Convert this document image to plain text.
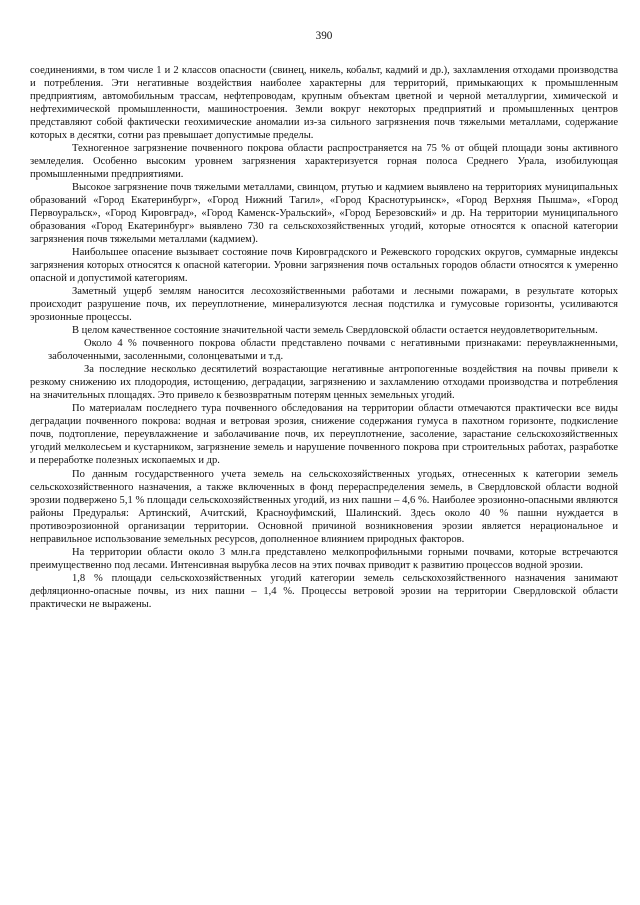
390

соединениями, в том числе 1 и 2 классов опасности (свинец, никель, кобальт, кадмий и др.), захламления отходами производства и потребления. Эти негативные воздействия наиболее характерны для территорий, примыкающих к промышленным предприятиям, автомобильным трассам, нефтепроводам, крупным объектам цветной и черной металлургии, химической и нефтехимической промышленности, машиностроения. Земли вокруг некоторых предприятий и промышленных центров представляют собой фактически геохимические аномалии из-за сильного загрязнения почв тяжелыми металлами, содержание которых в десятки, сотни раз превышает допустимые пределы.

Техногенное загрязнение почвенного покрова области распространяется на 75 % от общей площади зоны активного земледелия. Особенно высоким уровнем загрязнения характеризуется горная полоса Среднего Урала, изобилующая промышленными предприятиями.

Высокое загрязнение почв тяжелыми металлами, свинцом, ртутью и кадмием выявлено на территориях муниципальных образований «Город Екатеринбург», «Город Нижний Тагил», «Город Краснотурьинск», «Город Верхняя Пышма», «Город Первоуральск», «Город Кировград», «Город Каменск-Уральский», «Город Березовский» и др. На территории муниципального образования «Город Екатеринбург» выявлено 730 га сельскохозяйственных угодий, которые относятся к опасной категории загрязнения почв тяжелыми металлами (кадмием).

Наибольшее опасение вызывает состояние почв Кировградского и Режевского городских округов, суммарные индексы загрязнения которых относятся к опасной категории. Уровни загрязнения почв остальных городов области относятся к умеренно опасной и допустимой категориям.

Заметный ущерб землям наносится лесохозяйственными работами и лесными пожарами, в результате которых происходит разрушение почв, их переуплотнение, минерализуются лесная подстилка и гумусовые горизонты, усиливаются эрозионные процессы.

В целом качественное состояние значительной части земель Свердловской области остается неудовлетворительным.

Около 4 % почвенного покрова области представлено почвами с негативными признаками: переувлажненными, заболоченными, засоленными, солонцеватыми и т.д.

За последние несколько десятилетий возрастающие негативные антропогенные воздействия на почвы привели к резкому снижению их плодородия, истощению, деградации, загрязнению и захламлению отходами производства и потребления на значительных площадях. Это привело к безвозвратным потерям ценных земельных угодий.

По материалам последнего тура почвенного обследования на территории области отмечаются практически все виды деградации почвенного покрова: водная и ветровая эрозия, снижение содержания гумуса в пахотном горизонте, подкисление почв, подтопление, переувлажнение и заболачивание почв, их переуплотнение, засоление, зарастание сельскохозяйственных угодий мелколесьем и кустарником, загрязнение земель и нарушение почвенного покрова при строительных работах, разработке и переработке полезных ископаемых и др.

По данным государственного учета земель на сельскохозяйственных угодьях, отнесенных к категории земель сельскохозяйственного назначения, а также включенных в фонд перераспределения земель, в Свердловской области водной эрозии подвержено 5,1 % площади сельскохозяйственных угодий, из них пашни – 4,6 %. Наиболее эрозионно-опасными являются районы Предуралья: Артинский, Ачитский, Красноуфимский, Шалинский. Здесь около 40 % пашни нуждается в противоэрозионной организации территории. Основной причиной возникновения эрозии является нерациональное и неправильное использование земельных ресурсов, дополненное влиянием природных факторов.

На территории области около 3 млн.га представлено мелкопрофильными горными почвами, которые встречаются преимущественно под лесами. Интенсивная вырубка лесов на этих почвах приводит к развитию процессов водной эрозии.

1,8 % площади сельскохозяйственных угодий категории земель сельскохозяйственного назначения занимают дефляционно-опасные почвы, из них пашни – 1,4 %. Процессы ветровой эрозии на территории Свердловской области практически не выражены.
